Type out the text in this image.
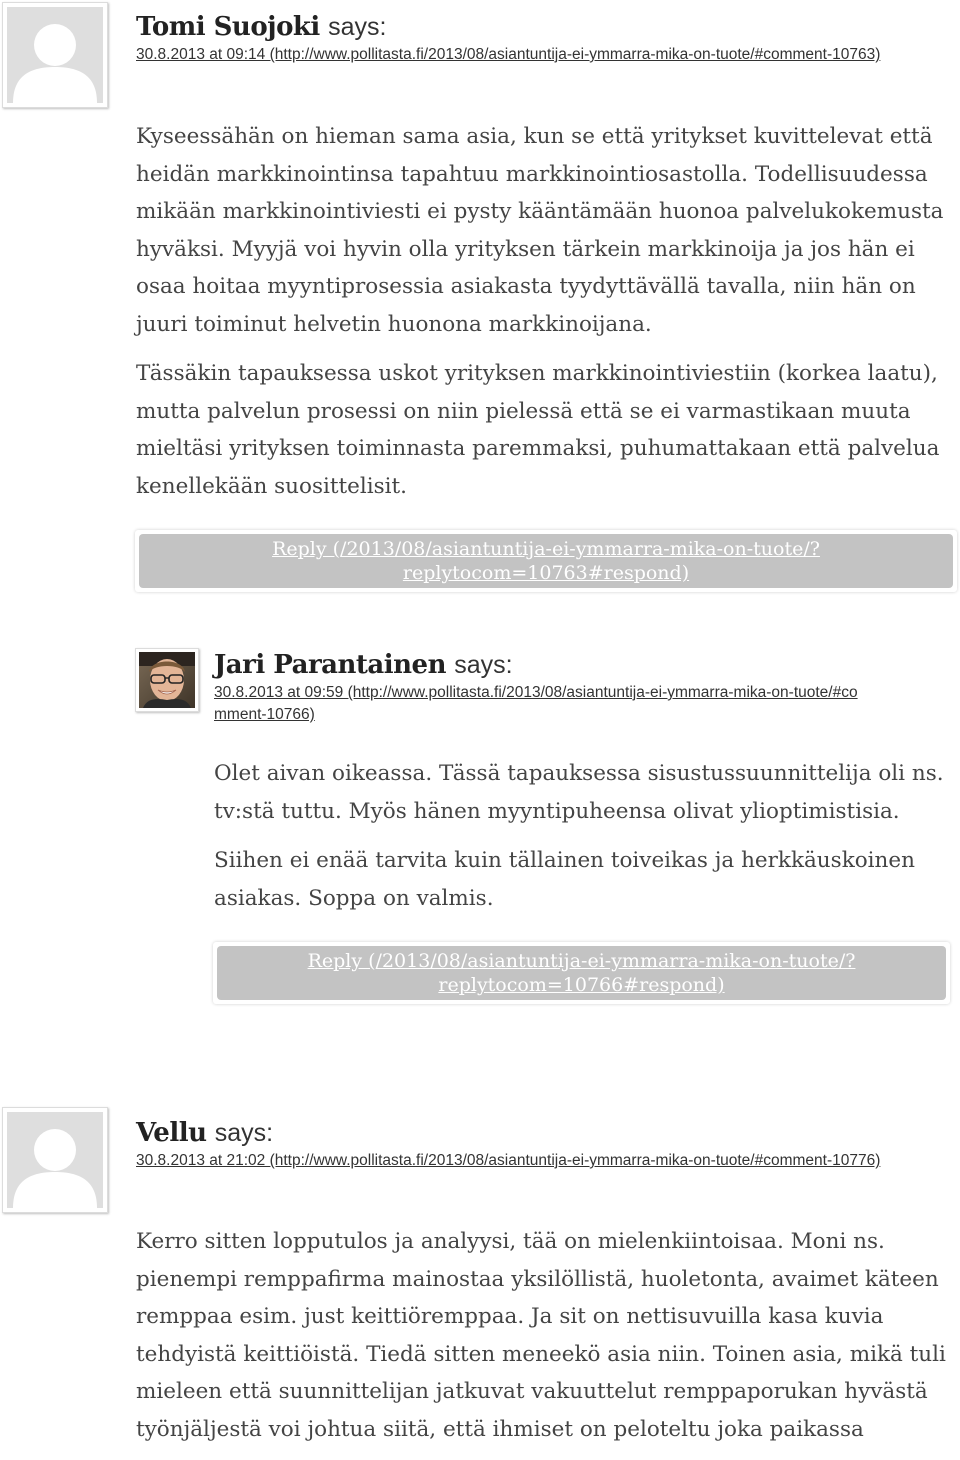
Tomi Suojoki says:
30.8.2013 at 09:14 (http://www.pollitasta.fi/2013/08/asiantuntija-ei-ymmarra-mika-on-tuote/#comment-10763)

Kyseessähän on hieman sama asia, kun se että yritykset kuvittelevat että heidän markkinointinsa tapahtuu markkinointiosastolla. Todellisuudessa mikään markkinointiviesti ei pysty kääntämään huonoa palvelukokemusta hyväksi. Myyjä voi hyvin olla yrityksen tärkein markkinoija ja jos hän ei osaa hoitaa myyntiprosessia asiakasta tyydyttävällä tavalla, niin hän on juuri toiminut helvetin huonona markkinoijana.

Tässäkin tapauksessa uskot yrityksen markkinointiviestiin (korkea laatu), mutta palvelun prosessi on niin pielessä että se ei varmastikaan muuta mieltäsi yrityksen toiminnasta paremmaksi, puhumattakaan että palvelua kenellekään suosittelisit.

Reply (/2013/08/asiantuntija-ei-ymmarra-mika-on-tuote/?replytocom=10763#respond)
Jari Parantainen says:
30.8.2013 at 09:59 (http://www.pollitasta.fi/2013/08/asiantuntija-ei-ymmarra-mika-on-tuote/#comment-10766)

Olet aivan oikeassa. Tässä tapauksessa sisustussuunnittelija oli ns. tv:stä tuttu. Myös hänen myyntipuheensa olivat ylioptimistisia.

Siihen ei enää tarvita kuin tällainen toiveikas ja herkkäuskoinen asiakas. Soppa on valmis.

Reply (/2013/08/asiantuntija-ei-ymmarra-mika-on-tuote/?replytocom=10766#respond)
Vellu says:
30.8.2013 at 21:02 (http://www.pollitasta.fi/2013/08/asiantuntija-ei-ymmarra-mika-on-tuote/#comment-10776)

Kerro sitten lopputulos ja analyysi, tää on mielenkiintoisaa. Moni ns. pienempi remppafirma mainostaa yksilöllistä, huoletonta, avaimet käteen remppaa esim. just keittiöremppaa. Ja sit on nettisuvuilla kasa kuvia tehdyistä keittiöistä. Tiedä sitten meneekö asia niin. Toinen asia, mikä tuli mieleen että suunnittelijan jatkuvat vakuuttelut remppaporukan hyvästä työnjäljestä voi johtua siitä, että ihmiset on peloteltu joka paikassa
